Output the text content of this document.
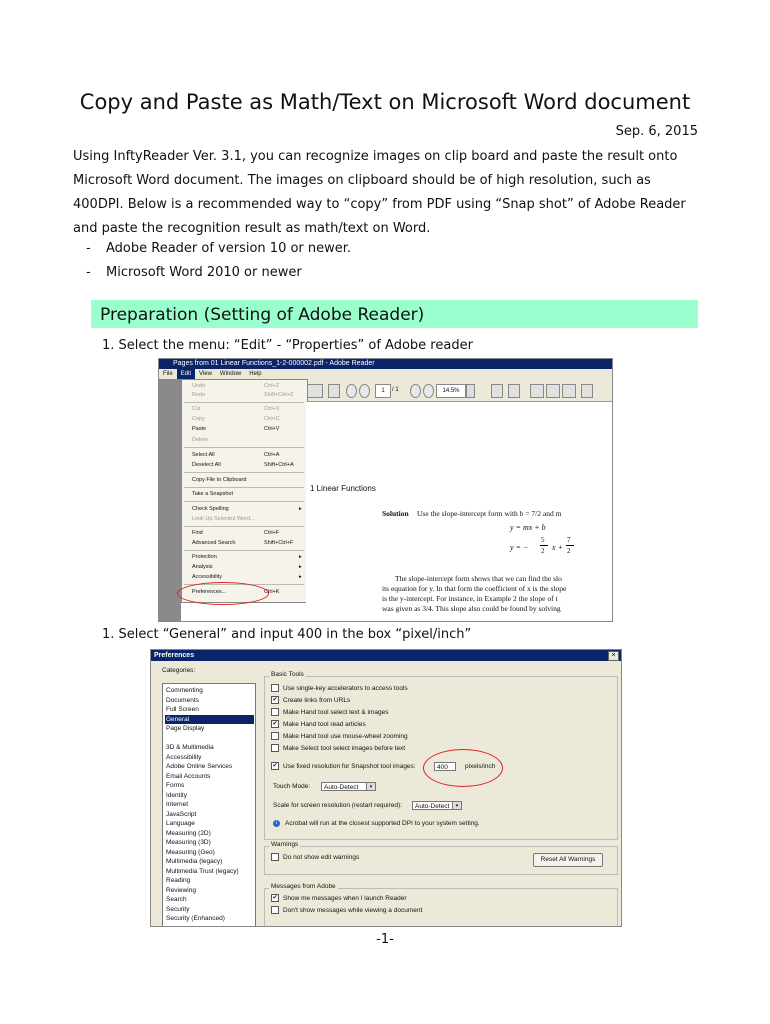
Copy and Paste as Math/Text on Microsoft Word document
Sep. 6, 2015
Using InftyReader Ver. 3.1, you can recognize images on clip board and paste the result onto
Microsoft Word document. The images on clipboard should be of high resolution, such as
400DPI. Below is a recommended way to “copy” from PDF using “Snap shot” of Adobe Reader
and paste the recognition result as math/text on Word.
- Adobe Reader of version 10 or newer.
- Microsoft Word 2010 or newer
Preparation (Setting of Adobe Reader)
1. Select the menu: “Edit” - “Properties” of Adobe reader
Pages from 01 Linear Functions_1-2-000002.pdf - Adobe Reader
File Edit View Window Help
1	/ 1	14.5%
Undo	Ctrl+Z
Redo	Shift+Ctrl+Z
Cut	Ctrl+X
Copy	Ctrl+C
Paste	Ctrl+V
Delete
Select All	Ctrl+A
Deselect All	Shift+Ctrl+A
Copy File to Clipboard
Take a Snapshot
Check Spelling	▸
Look Up Selected Word...
Find	Ctrl+F
Advanced Search	Shift+Ctrl+F
Protection	▸
Analysis	▸
Accessibility	▸
Preferences...	Ctrl+K
1 Linear Functions
Solution Use the slope-intercept form with b = 7/2 and m
y = mx + b
y = −
5
2 x +
7
2
The slope-intercept form shows that we can find the slo
its equation for y. In that form the coefficient of x is the slope
is the y-intercept. For instance, in Example 2 the slope of t
was given as 3/4. This slope also could be found by solving
1. Select “General” and input 400 in the box “pixel/inch”
Preferences	×
Categories:
Commenting
Documents
Full Screen
General
Page Display
3D & Multimedia
Accessibility
Adobe Online Services
Email Accounts
Forms
Identity
Internet
JavaScript
Language
Measuring (2D)
Measuring (3D)
Measuring (Geo)
Multimedia (legacy)
Multimedia Trust (legacy)
Reading
Reviewing
Search
Security
Security (Enhanced)
Basic Tools
Use single-key accelerators to access tools
✔ Create links from URLs
Make Hand tool select text & images
✔ Make Hand tool read articles
Make Hand tool use mouse-wheel zooming
Make Select tool select images before text
✔ Use fixed resolution for Snapshot tool images:	400	pixels/inch
Touch Mode:	Auto-Detect	▾
Scale for screen resolution (restart required):	Auto-Detect	▾
i Acrobat will run at the closest supported DPI to your system setting.
Warnings
Do not show edit warnings	Reset All Warnings
Messages from Adobe
✔ Show me messages when I launch Reader
Don't show messages while viewing a document
-1-
